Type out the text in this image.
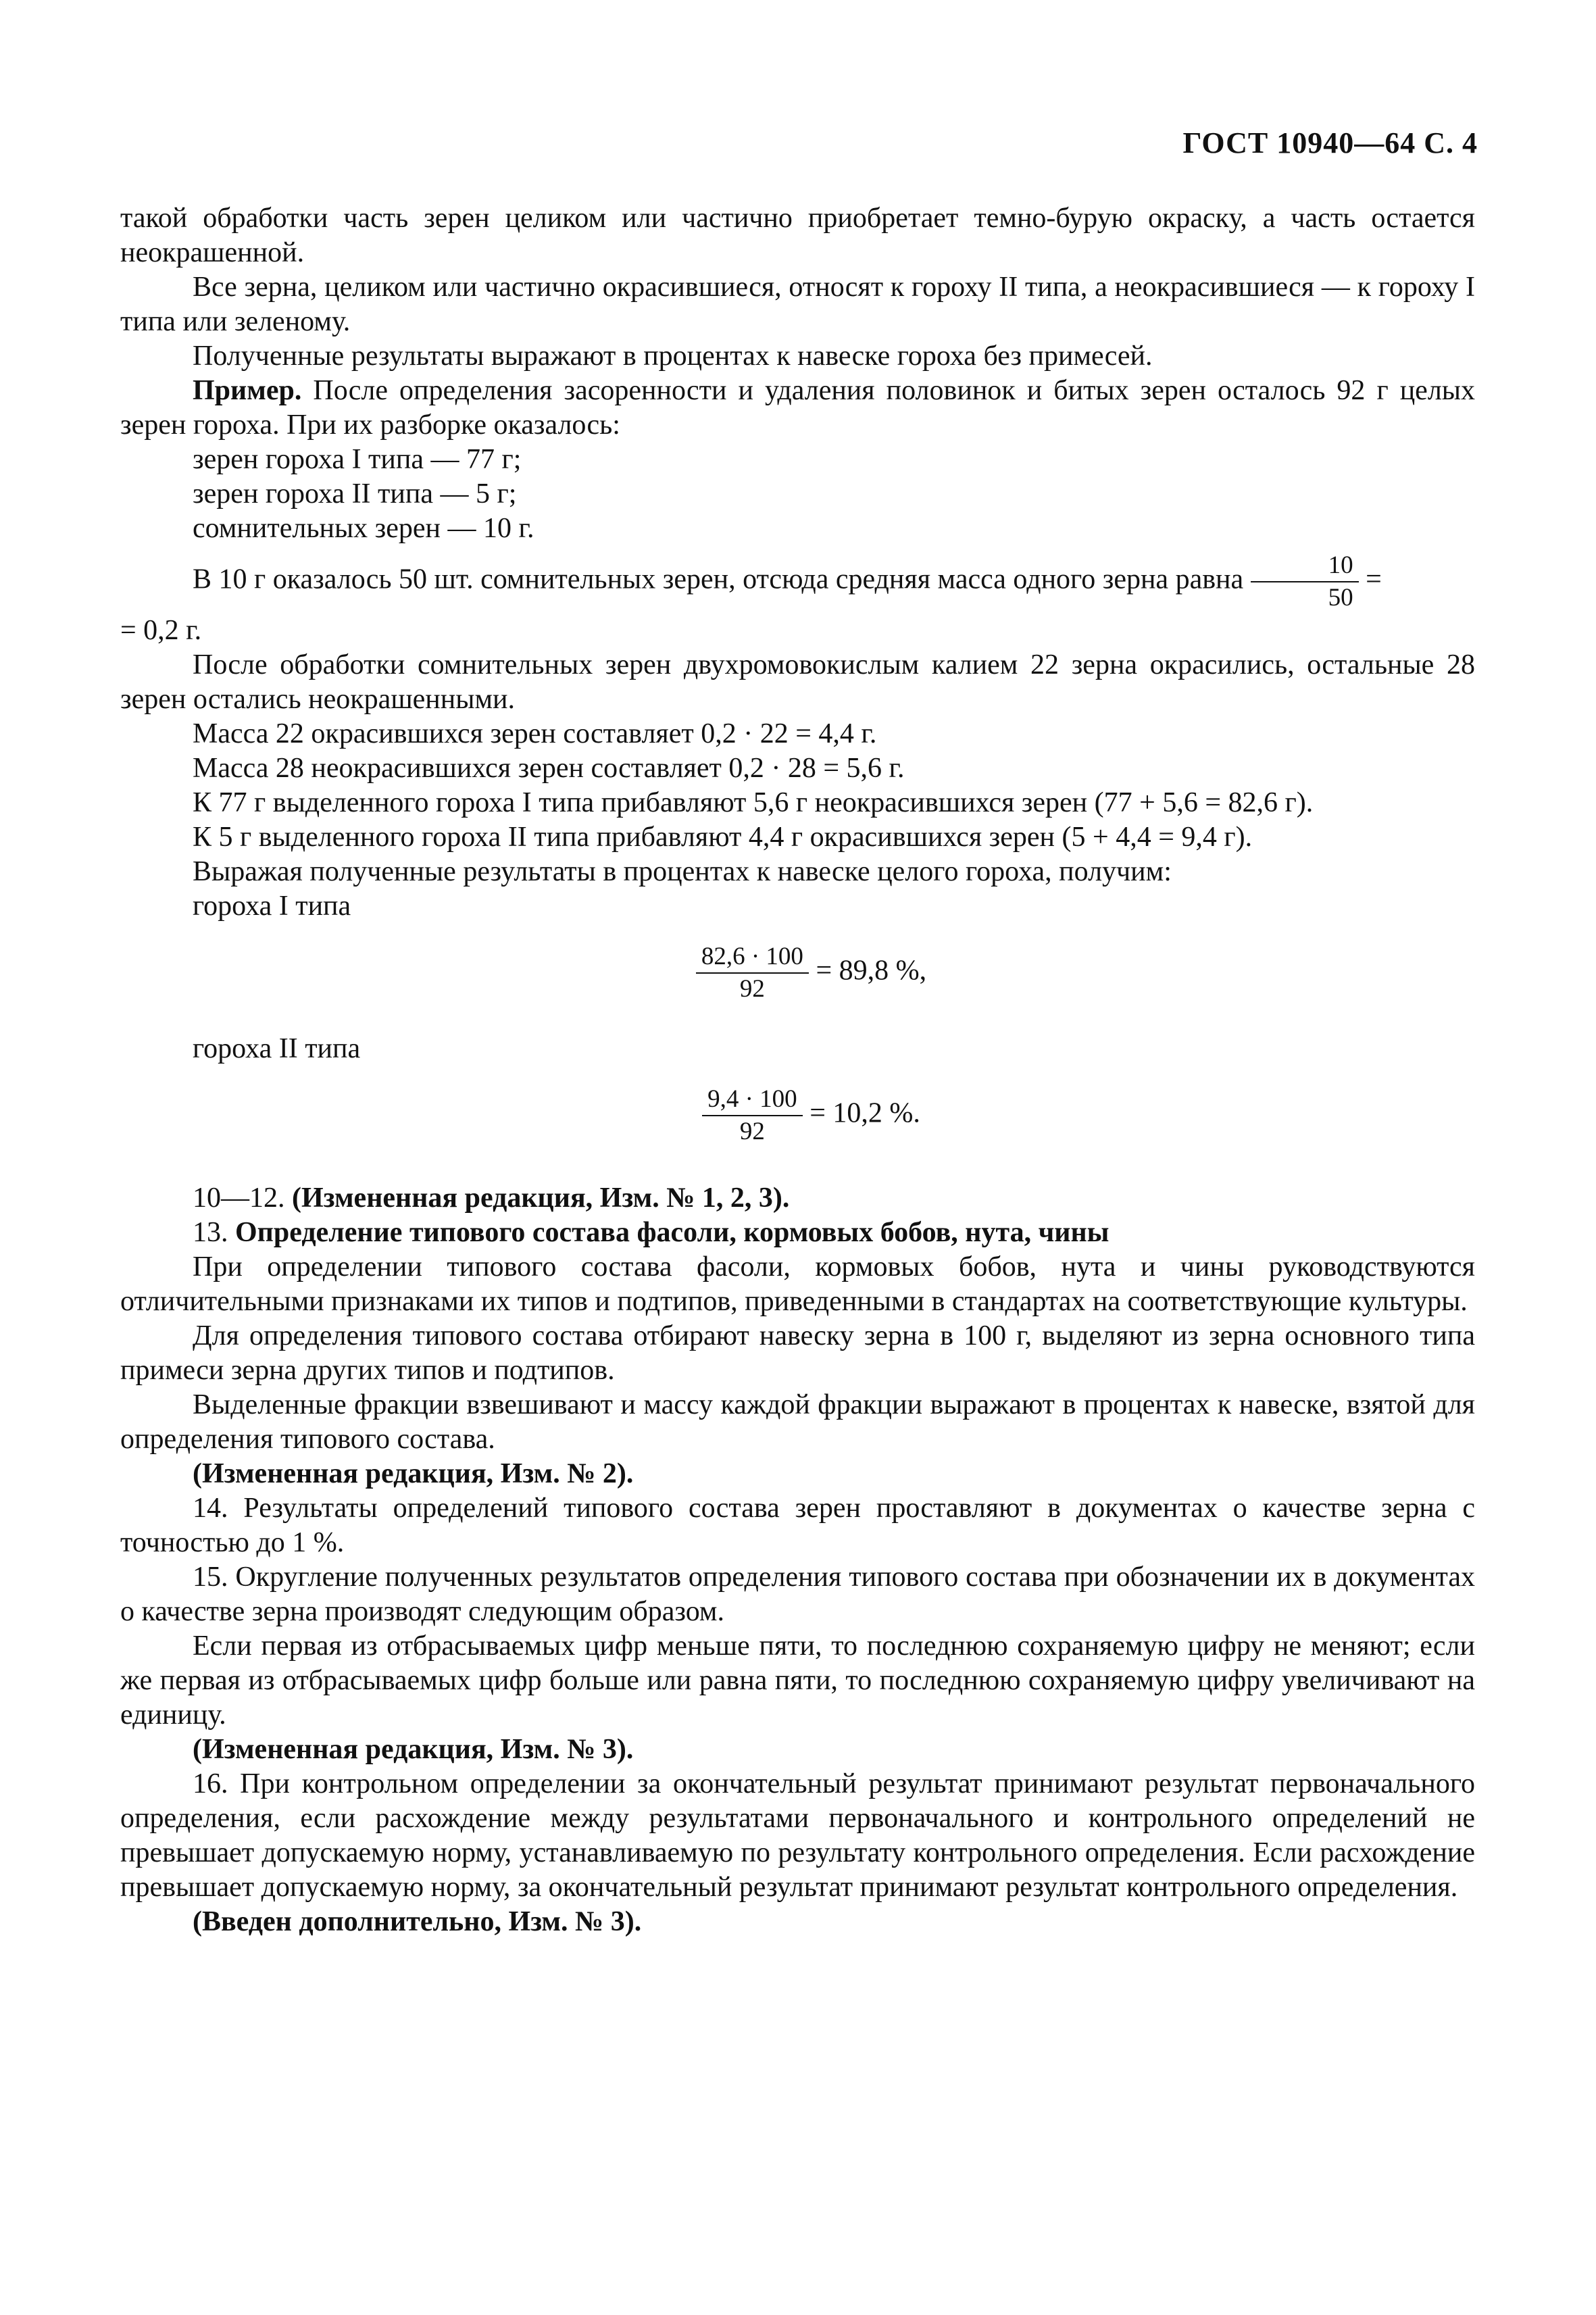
ГОСТ 10940—64 С. 4

такой обработки часть зерен целиком или частично приобретает темно-бурую окраску, а часть остается неокрашенной.

Все зерна, целиком или частично окрасившиеся, относят к гороху II типа, а неокрасившиеся — к гороху I типа или зеленому.

Полученные результаты выражают в процентах к навеске гороха без примесей.

Пример. После определения засоренности и удаления половинок и битых зерен осталось 92 г целых зерен гороха. При их разборке оказалось:

зерен гороха I типа — 77 г;
зерен гороха II типа — 5 г;
сомнительных зерен — 10 г.

В 10 г оказалось 50 шт. сомнительных зерен, отсюда средняя масса одного зерна равна $\frac{10}{50}$ =

= 0,2 г.

После обработки сомнительных зерен двухромовокислым калием 22 зерна окрасились, остальные 28 зерен остались неокрашенными.

Масса 22 окрасившихся зерен составляет 0,2 · 22 = 4,4 г.

Масса 28 неокрасившихся зерен составляет 0,2 · 28 = 5,6 г.

К 77 г выделенного гороха I типа прибавляют 5,6 г неокрасившихся зерен (77 + 5,6 = 82,6 г).

К 5 г выделенного гороха II типа прибавляют 4,4 г окрасившихся зерен (5 + 4,4 = 9,4 г).

Выражая полученные результаты в процентах к навеске целого гороха, получим:

гороха I типа

$\frac{82,6 \cdot 100}{92} = 89,8$ %,

гороха II типа

$\frac{9,4 \cdot 100}{92} = 10,2$ %.

10—12. (Измененная редакция, Изм. № 1, 2, 3).

13. Определение типового состава фасоли, кормовых бобов, нута, чины

При определении типового состава фасоли, кормовых бобов, нута и чины руководствуются отличительными признаками их типов и подтипов, приведенными в стандартах на соответствующие культуры.

Для определения типового состава отбирают навеску зерна в 100 г, выделяют из зерна основного типа примеси зерна других типов и подтипов.

Выделенные фракции взвешивают и массу каждой фракции выражают в процентах к навеске, взятой для определения типового состава.

(Измененная редакция, Изм. № 2).

14. Результаты определений типового состава зерен проставляют в документах о качестве зерна с точностью до 1 %.

15. Округление полученных результатов определения типового состава при обозначении их в документах о качестве зерна производят следующим образом.

Если первая из отбрасываемых цифр меньше пяти, то последнюю сохраняемую цифру не меняют; если же первая из отбрасываемых цифр больше или равна пяти, то последнюю сохраняемую цифру увеличивают на единицу.

(Измененная редакция, Изм. № 3).

16. При контрольном определении за окончательный результат принимают результат первоначального определения, если расхождение между результатами первоначального и контрольного определений не превышает допускаемую норму, устанавливаемую по результату контрольного определения. Если расхождение превышает допускаемую норму, за окончательный результат принимают результат контрольного определения.

(Введен дополнительно, Изм. № 3).
